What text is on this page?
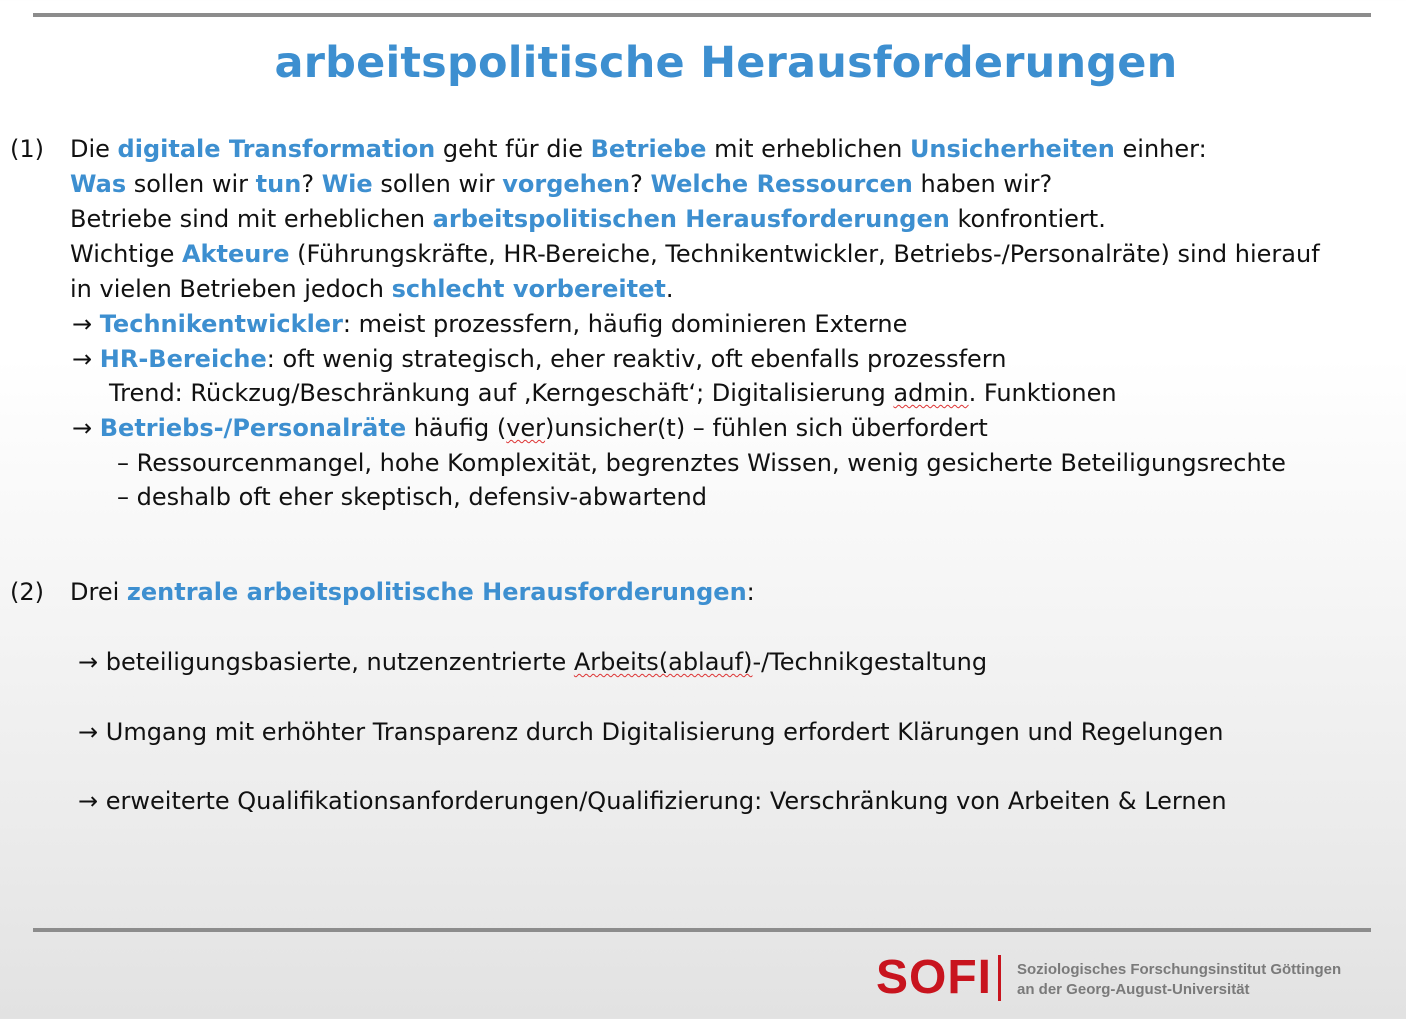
arbeitspolitische Herausforderungen
(1) Die digitale Transformation geht für die Betriebe mit erheblichen Unsicherheiten einher:
Was sollen wir tun? Wie sollen wir vorgehen? Welche Ressourcen haben wir?
Betriebe sind mit erheblichen arbeitspolitischen Herausforderungen konfrontiert.
Wichtige Akteure (Führungskräfte, HR-Bereiche, Technikentwickler, Betriebs-/Personalräte) sind hierauf
in vielen Betrieben jedoch schlecht vorbereitet.
→ Technikentwickler: meist prozessfern, häufig dominieren Externe
→ HR-Bereiche: oft wenig strategisch, eher reaktiv, oft ebenfalls prozessfern
Trend: Rückzug/Beschränkung auf ‚Kerngeschäft‘; Digitalisierung admin. Funktionen
→ Betriebs-/Personalräte häufig (ver)unsicher(t) – fühlen sich überfordert
– Ressourcenmangel, hohe Komplexität, begrenztes Wissen, wenig gesicherte Beteiligungsrechte
– deshalb oft eher skeptisch, defensiv-abwartend
(2) Drei zentrale arbeitspolitische Herausforderungen:
→ beteiligungsbasierte, nutzenzentrierte Arbeits(ablauf)-/Technikgestaltung
→ Umgang mit erhöhter Transparenz durch Digitalisierung erfordert Klärungen und Regelungen
→ erweiterte Qualifikationsanforderungen/Qualifizierung: Verschränkung von Arbeiten & Lernen
SOFI Soziologisches Forschungsinstitut Göttingen
an der Georg-August-Universität
